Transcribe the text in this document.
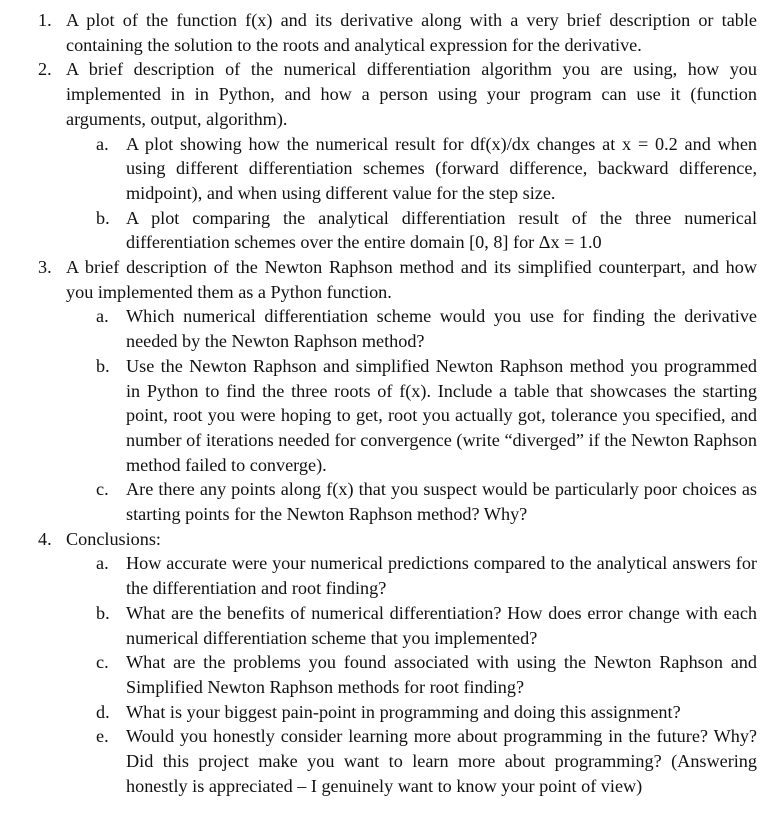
1. A plot of the function f(x) and its derivative along with a very brief description or table containing the solution to the roots and analytical expression for the derivative.
2. A brief description of the numerical differentiation algorithm you are using, how you implemented in in Python, and how a person using your program can use it (function arguments, output, algorithm).
a. A plot showing how the numerical result for df(x)/dx changes at x = 0.2 and when using different differentiation schemes (forward difference, backward difference, midpoint), and when using different value for the step size.
b. A plot comparing the analytical differentiation result of the three numerical differentiation schemes over the entire domain [0, 8] for Δx = 1.0
3. A brief description of the Newton Raphson method and its simplified counterpart, and how you implemented them as a Python function.
a. Which numerical differentiation scheme would you use for finding the derivative needed by the Newton Raphson method?
b. Use the Newton Raphson and simplified Newton Raphson method you programmed in Python to find the three roots of f(x). Include a table that showcases the starting point, root you were hoping to get, root you actually got, tolerance you specified, and number of iterations needed for convergence (write “diverged” if the Newton Raphson method failed to converge).
c. Are there any points along f(x) that you suspect would be particularly poor choices as starting points for the Newton Raphson method? Why?
4. Conclusions:
a. How accurate were your numerical predictions compared to the analytical answers for the differentiation and root finding?
b. What are the benefits of numerical differentiation? How does error change with each numerical differentiation scheme that you implemented?
c. What are the problems you found associated with using the Newton Raphson and Simplified Newton Raphson methods for root finding?
d. What is your biggest pain-point in programming and doing this assignment?
e. Would you honestly consider learning more about programming in the future? Why? Did this project make you want to learn more about programming? (Answering honestly is appreciated – I genuinely want to know your point of view)
